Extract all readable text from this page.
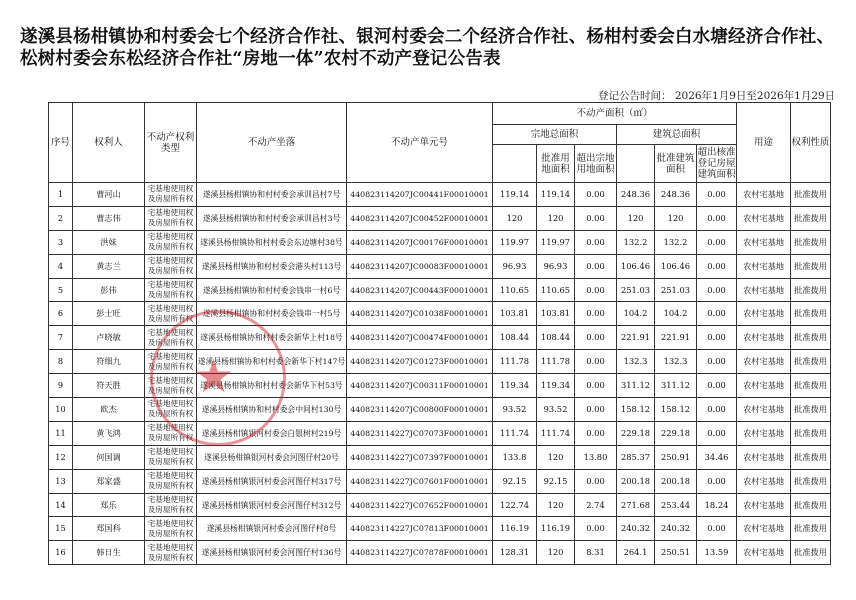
遂溪县杨柑镇协和村委会七个经济合作社、银河村委会二个经济合作社、杨柑村委会白水塘经济合作社、松树村委会东松经济合作社“房地一体”农村不动产登记公告表
登记公告时间： 2026年1月9日至2026年1月29日
序号	权利人	不动产权利类型	不动产坐落	不动产单元号	不动产面积（㎡）						用途	权利性质
					宗地总面积			建筑总面积				
						批准用地面积	超出宗地用地面积		批准建筑面积	超出核准登记房屋建筑面积		
1	曹河山	宅基地使用权及房屋所有权	遂溪县杨柑镇协和村村委会承训昌村7号	440823114207JC00441F00010001	119.14	119.14	0.00	248.36	248.36	0.00	农村宅基地	批准拨用
2	曹志伟	宅基地使用权及房屋所有权	遂溪县杨柑镇协和村村委会承训昌村3号	440823114207JC00452F00010001	120	120	0.00	120	120	0.00	农村宅基地	批准拨用
3	洪妹	宅基地使用权及房屋所有权	遂溪县杨柑镇协和村村委会东边塘村38号	440823114207JC00176F00010001	119.97	119.97	0.00	132.2	132.2	0.00	农村宅基地	批准拨用
4	黄志兰	宅基地使用权及房屋所有权	遂溪县杨柑镇协和村村委会港头村113号	440823114207JC00083F00010001	96.93	96.93	0.00	106.46	106.46	0.00	农村宅基地	批准拨用
5	彭伟	宅基地使用权及房屋所有权	遂溪县杨柑镇协和村村委会钱串一村6号	440823114207JC00443F00010001	110.65	110.65	0.00	251.03	251.03	0.00	农村宅基地	批准拨用
6	彭士旺	宅基地使用权及房屋所有权	遂溪县杨柑镇协和村村委会钱串一村5号	440823114207JC01038F00010001	103.81	103.81	0.00	104.2	104.2	0.00	农村宅基地	批准拨用
7	卢晓敏	宅基地使用权及房屋所有权	遂溪县杨柑镇协和村村委会新华上村18号	440823114207JC00474F00010001	108.44	108.44	0.00	221.91	221.91	0.00	农村宅基地	批准拨用
8	符细九	宅基地使用权及房屋所有权	遂溪县杨柑镇协和村村委会新华下村147号	440823114207JC01273F00010001	111.78	111.78	0.00	132.3	132.3	0.00	农村宅基地	批准拨用
9	符天胜	宅基地使用权及房屋所有权	遂溪县杨柑镇协和村村委会新华下村53号	440823114207JC00311F00010001	119.34	119.34	0.00	311.12	311.12	0.00	农村宅基地	批准拨用
10	欧杰	宅基地使用权及房屋所有权	遂溪县杨柑镇协和村村委会中间村130号	440823114207JC00800F00010001	93.52	93.52	0.00	158.12	158.12	0.00	农村宅基地	批准拨用
11	黄飞鸿	宅基地使用权及房屋所有权	遂溪县杨柑镇银河村委会白银树村219号	440823114227JC07073F00010001	111.74	111.74	0.00	229.18	229.18	0.00	农村宅基地	批准拨用
12	何国调	宅基地使用权及房屋所有权	遂溪县杨柑镇银河村委会河图仔村20号	440823114227JC07397F00010001	133.8	120	13.80	285.37	250.91	34.46	农村宅基地	批准拨用
13	郑家盛	宅基地使用权及房屋所有权	遂溪县杨柑镇银河村委会河图仔村317号	440823114227JC07601F00010001	92.15	92.15	0.00	200.18	200.18	0.00	农村宅基地	批准拨用
14	郑乐	宅基地使用权及房屋所有权	遂溪县杨柑镇银河村委会河图仔村312号	440823114227JC07652F00010001	122.74	120	2.74	271.68	253.44	18.24	农村宅基地	批准拨用
15	郑国科	宅基地使用权及房屋所有权	遂溪县杨柑镇银河村委会河图仔村8号	440823114227JC07813F00010001	116.19	116.19	0.00	240.32	240.32	0.00	农村宅基地	批准拨用
16	韩日生	宅基地使用权及房屋所有权	遂溪县杨柑镇银河村委会河图仔村136号	440823114227JC07878F00010001	128.31	120	8.31	264.1	250.51	13.59	农村宅基地	批准拨用
★
